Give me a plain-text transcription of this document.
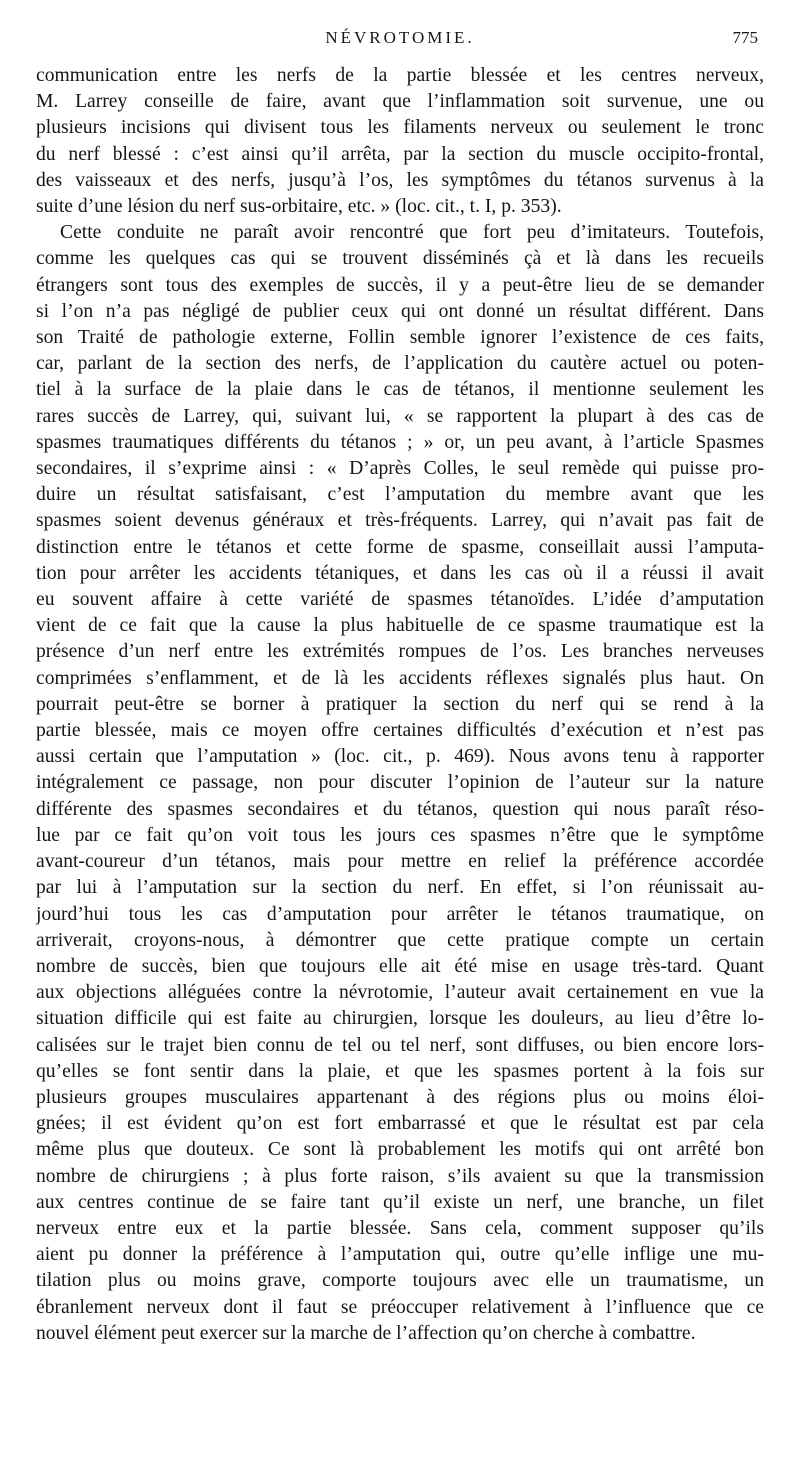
NÉVROTOMIE.	775
communication entre les nerfs de la partie blessée et les centres nerveux,
M. Larrey conseille de faire, avant que l’inflammation soit survenue, une ou
plusieurs incisions qui divisent tous les filaments nerveux ou seulement le tronc
du nerf blessé : c’est ainsi qu’il arrêta, par la section du muscle occipito-frontal,
des vaisseaux et des nerfs, jusqu’à l’os, les symptômes du tétanos survenus à la
suite d’une lésion du nerf sus-orbitaire, etc. » (loc. cit., t. I, p. 353).
Cette conduite ne paraît avoir rencontré que fort peu d’imitateurs. Toutefois,
comme les quelques cas qui se trouvent disséminés çà et là dans les recueils
étrangers sont tous des exemples de succès, il y a peut-être lieu de se demander
si l’on n’a pas négligé de publier ceux qui ont donné un résultat différent. Dans
son Traité de pathologie externe, Follin semble ignorer l’existence de ces faits,
car, parlant de la section des nerfs, de l’application du cautère actuel ou poten-
tiel à la surface de la plaie dans le cas de tétanos, il mentionne seulement les
rares succès de Larrey, qui, suivant lui, « se rapportent la plupart à des cas de
spasmes traumatiques différents du tétanos ; » or, un peu avant, à l’article Spasmes
secondaires, il s’exprime ainsi : « D’après Colles, le seul remède qui puisse pro-
duire un résultat satisfaisant, c’est l’amputation du membre avant que les
spasmes soient devenus généraux et très-fréquents. Larrey, qui n’avait pas fait de
distinction entre le tétanos et cette forme de spasme, conseillait aussi l’amputa-
tion pour arrêter les accidents tétaniques, et dans les cas où il a réussi il avait
eu souvent affaire à cette variété de spasmes tétanoïdes. L’idée d’amputation
vient de ce fait que la cause la plus habituelle de ce spasme traumatique est la
présence d’un nerf entre les extrémités rompues de l’os. Les branches nerveuses
comprimées s’enflamment, et de là les accidents réflexes signalés plus haut. On
pourrait peut-être se borner à pratiquer la section du nerf qui se rend à la
partie blessée, mais ce moyen offre certaines difficultés d’exécution et n’est pas
aussi certain que l’amputation » (loc. cit., p. 469). Nous avons tenu à rapporter
intégralement ce passage, non pour discuter l’opinion de l’auteur sur la nature
différente des spasmes secondaires et du tétanos, question qui nous paraît réso-
lue par ce fait qu’on voit tous les jours ces spasmes n’être que le symptôme
avant-coureur d’un tétanos, mais pour mettre en relief la préférence accordée
par lui à l’amputation sur la section du nerf. En effet, si l’on réunissait au-
jourd’hui tous les cas d’amputation pour arrêter le tétanos traumatique, on
arriverait, croyons-nous, à démontrer que cette pratique compte un certain
nombre de succès, bien que toujours elle ait été mise en usage très-tard. Quant
aux objections alléguées contre la névrotomie, l’auteur avait certainement en vue la
situation difficile qui est faite au chirurgien, lorsque les douleurs, au lieu d’être lo-
calisées sur le trajet bien connu de tel ou tel nerf, sont diffuses, ou bien encore lors-
qu’elles se font sentir dans la plaie, et que les spasmes portent à la fois sur
plusieurs groupes musculaires appartenant à des régions plus ou moins éloi-
gnées; il est évident qu’on est fort embarrassé et que le résultat est par cela
même plus que douteux. Ce sont là probablement les motifs qui ont arrêté bon
nombre de chirurgiens ; à plus forte raison, s’ils avaient su que la transmission
aux centres continue de se faire tant qu’il existe un nerf, une branche, un filet
nerveux entre eux et la partie blessée. Sans cela, comment supposer qu’ils
aient pu donner la préférence à l’amputation qui, outre qu’elle inflige une mu-
tilation plus ou moins grave, comporte toujours avec elle un traumatisme, un
ébranlement nerveux dont il faut se préoccuper relativement à l’influence que ce
nouvel élément peut exercer sur la marche de l’affection qu’on cherche à combattre.
